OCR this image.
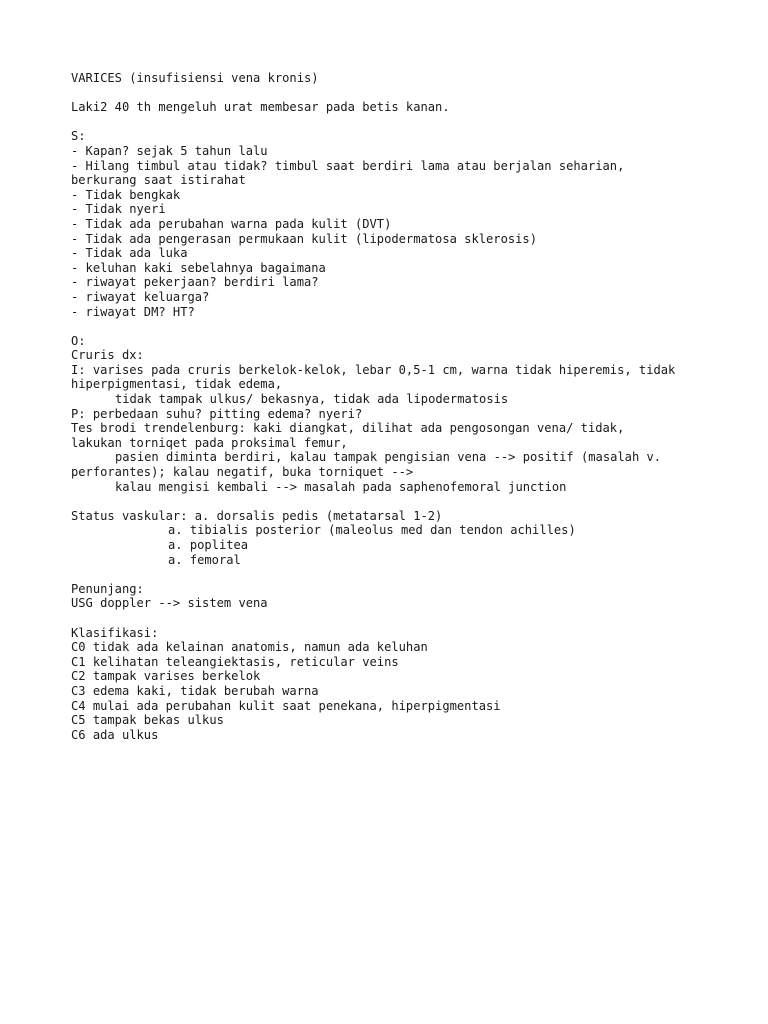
VARICES (insufisiensi vena kronis)
Laki2 40 th mengeluh urat membesar pada betis kanan.
S:
- Kapan? sejak 5 tahun lalu
- Hilang timbul atau tidak? timbul saat berdiri lama atau berjalan seharian,
berkurang saat istirahat
- Tidak bengkak
- Tidak nyeri
- Tidak ada perubahan warna pada kulit (DVT)
- Tidak ada pengerasan permukaan kulit (lipodermatosa sklerosis)
- Tidak ada luka
- keluhan kaki sebelahnya bagaimana
- riwayat pekerjaan? berdiri lama?
- riwayat keluarga?
- riwayat DM? HT?
O:
Cruris dx:
I: varises pada cruris berkelok-kelok, lebar 0,5-1 cm, warna tidak hiperemis, tidak
hiperpigmentasi, tidak edema,
tidak tampak ulkus/ bekasnya, tidak ada lipodermatosis
P: perbedaan suhu? pitting edema? nyeri?
Tes brodi trendelenburg: kaki diangkat, dilihat ada pengosongan vena/ tidak,
lakukan torniqet pada proksimal femur,
pasien diminta berdiri, kalau tampak pengisian vena --> positif (masalah v.
perforantes); kalau negatif, buka torniquet -->
kalau mengisi kembali --> masalah pada saphenofemoral junction
Status vaskular: a. dorsalis pedis (metatarsal 1-2)
a. tibialis posterior (maleolus med dan tendon achilles)
a. poplitea
a. femoral
Penunjang:
USG doppler --> sistem vena
Klasifikasi:
C0 tidak ada kelainan anatomis, namun ada keluhan
C1 kelihatan teleangiektasis, reticular veins
C2 tampak varises berkelok
C3 edema kaki, tidak berubah warna
C4 mulai ada perubahan kulit saat penekana, hiperpigmentasi
C5 tampak bekas ulkus
C6 ada ulkus
